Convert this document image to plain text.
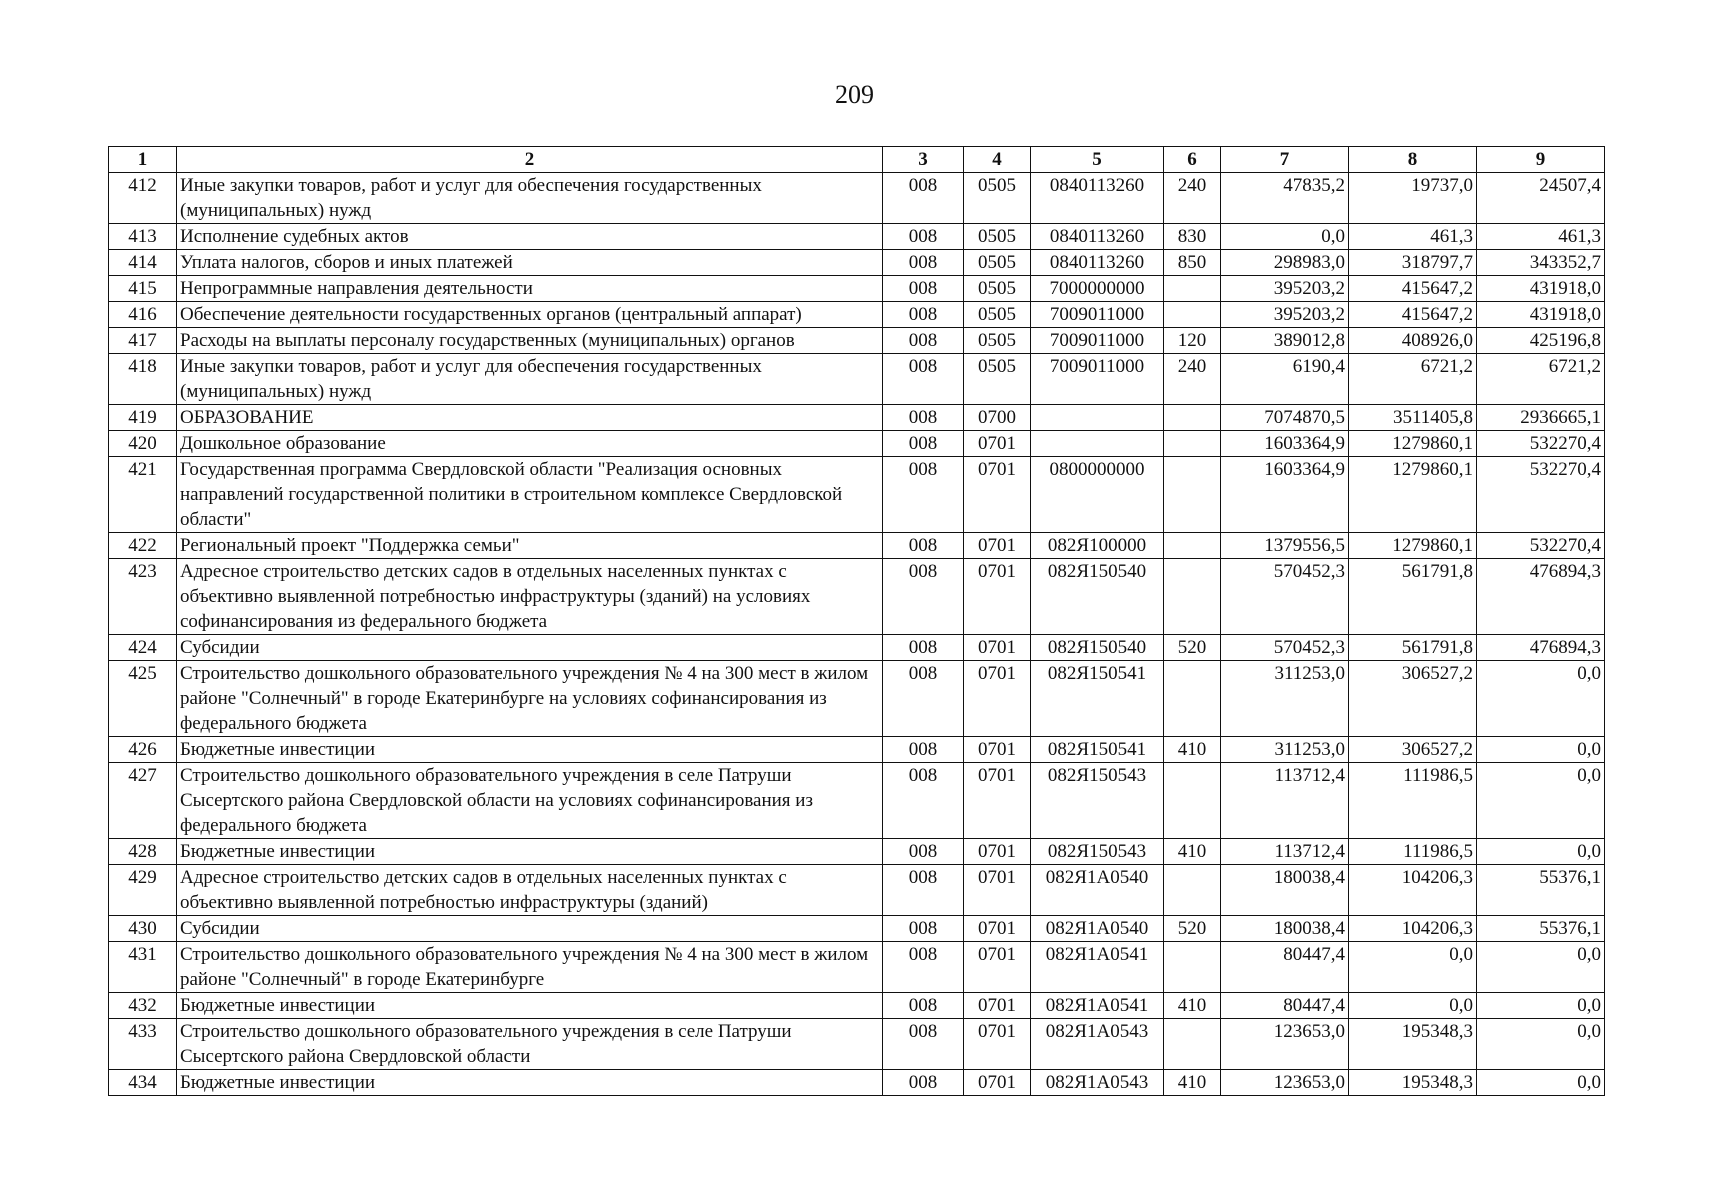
209
1	2	3	4	5	6	7	8	9
412	Иные закупки товаров, работ и услуг для обеспечения государственных (муниципальных) нужд	008	0505	0840113260	240	47835,2	19737,0	24507,4
413	Исполнение судебных актов	008	0505	0840113260	830	0,0	461,3	461,3
414	Уплата налогов, сборов и иных платежей	008	0505	0840113260	850	298983,0	318797,7	343352,7
415	Непрограммные направления деятельности	008	0505	7000000000		395203,2	415647,2	431918,0
416	Обеспечение деятельности государственных органов (центральный аппарат)	008	0505	7009011000		395203,2	415647,2	431918,0
417	Расходы на выплаты персоналу государственных (муниципальных) органов	008	0505	7009011000	120	389012,8	408926,0	425196,8
418	Иные закупки товаров, работ и услуг для обеспечения государственных (муниципальных) нужд	008	0505	7009011000	240	6190,4	6721,2	6721,2
419	ОБРАЗОВАНИЕ	008	0700			7074870,5	3511405,8	2936665,1
420	Дошкольное образование	008	0701			1603364,9	1279860,1	532270,4
421	Государственная программа Свердловской области "Реализация основных направлений государственной политики в строительном комплексе Свердловской области"	008	0701	0800000000		1603364,9	1279860,1	532270,4
422	Региональный проект "Поддержка семьи"	008	0701	082Я100000		1379556,5	1279860,1	532270,4
423	Адресное строительство детских садов в отдельных населенных пунктах с объективно выявленной потребностью инфраструктуры (зданий) на условиях софинансирования из федерального бюджета	008	0701	082Я150540		570452,3	561791,8	476894,3
424	Субсидии	008	0701	082Я150540	520	570452,3	561791,8	476894,3
425	Строительство дошкольного образовательного учреждения № 4 на 300 мест в жилом районе "Солнечный" в городе Екатеринбурге на условиях софинансирования из федерального бюджета	008	0701	082Я150541		311253,0	306527,2	0,0
426	Бюджетные инвестиции	008	0701	082Я150541	410	311253,0	306527,2	0,0
427	Строительство дошкольного образовательного учреждения в селе Патруши Сысертского района Свердловской области на условиях софинансирования из федерального бюджета	008	0701	082Я150543		113712,4	111986,5	0,0
428	Бюджетные инвестиции	008	0701	082Я150543	410	113712,4	111986,5	0,0
429	Адресное строительство детских садов в отдельных населенных пунктах с объективно выявленной потребностью инфраструктуры (зданий)	008	0701	082Я1А0540		180038,4	104206,3	55376,1
430	Субсидии	008	0701	082Я1А0540	520	180038,4	104206,3	55376,1
431	Строительство дошкольного образовательного учреждения № 4 на 300 мест в жилом районе "Солнечный" в городе Екатеринбурге	008	0701	082Я1А0541		80447,4	0,0	0,0
432	Бюджетные инвестиции	008	0701	082Я1А0541	410	80447,4	0,0	0,0
433	Строительство дошкольного образовательного учреждения в селе Патруши Сысертского района Свердловской области	008	0701	082Я1А0543		123653,0	195348,3	0,0
434	Бюджетные инвестиции	008	0701	082Я1А0543	410	123653,0	195348,3	0,0
